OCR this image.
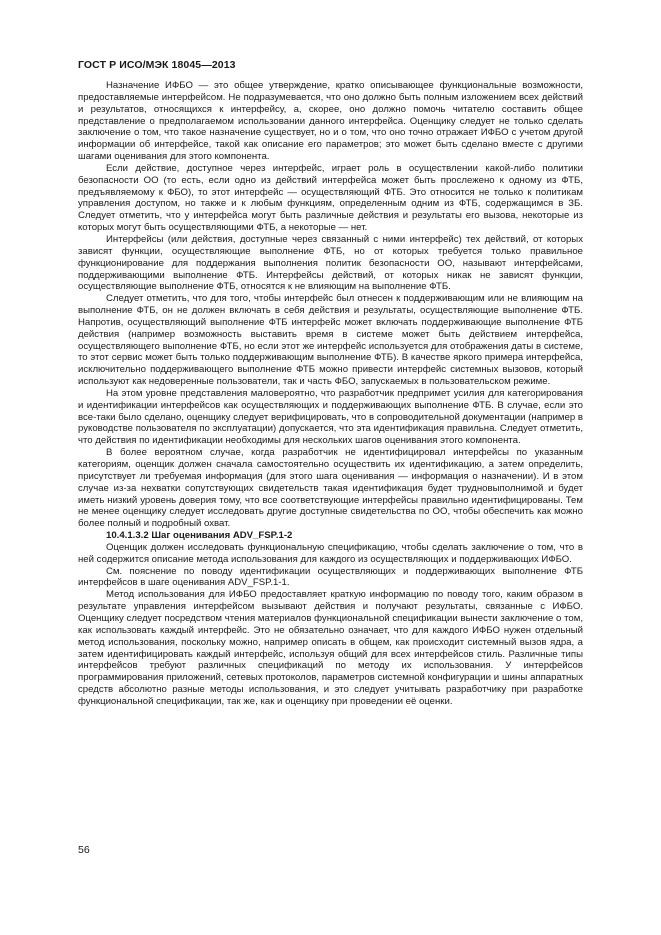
ГОСТ Р ИСО/МЭК 18045—2013

Назначение ИФБО — это общее утверждение, кратко описывающее функциональные возможности, предоставляемые интерфейсом. Не подразумевается, что оно должно быть полным изложением всех действий и результатов, относящихся к интерфейсу, а, скорее, оно должно помочь читателю составить общее представление о предполагаемом использовании данного интерфейса. Оценщику следует не только сделать заключение о том, что такое назначение существует, но и о том, что оно точно отражает ИФБО с учетом другой информации об интерфейсе, такой как описание его параметров; это может быть сделано вместе с другими шагами оценивания для этого компонента.

Если действие, доступное через интерфейс, играет роль в осуществлении какой-либо политики безопасности ОО (то есть, если одно из действий интерфейса может быть прослежено к одному из ФТБ, предъявляемому к ФБО), то этот интерфейс — осуществляющий ФТБ. Это относится не только к политикам управления доступом, но также и к любым функциям, определенным одним из ФТБ, содержащимся в ЗБ. Следует отметить, что у интерфейса могут быть различные действия и результаты его вызова, некоторые из которых могут быть осуществляющими ФТБ, а некоторые — нет.

Интерфейсы (или действия, доступные через связанный с ними интерфейс) тех действий, от которых зависят функции, осуществляющие выполнение ФТБ, но от которых требуется только правильное функционирование для поддержания выполнения политик безопасности ОО, называют интерфейсами, поддерживающими выполнение ФТБ. Интерфейсы действий, от которых никак не зависят функции, осуществляющие выполнение ФТБ, относятся к не влияющим на выполнение ФТБ.

Следует отметить, что для того, чтобы интерфейс был отнесен к поддерживающим или не влияющим на выполнение ФТБ, он не должен включать в себя действия и результаты, осуществляющие выполнение ФТБ. Напротив, осуществляющий выполнение ФТБ интерфейс может включать поддерживающие выполнение ФТБ действия (например возможность выставить время в системе может быть действием интерфейса, осуществляющего выполнение ФТБ, но если этот же интерфейс используется для отображения даты в системе, то этот сервис может быть только поддерживающим выполнение ФТБ). В качестве яркого примера интерфейса, исключительно поддерживающего выполнение ФТБ можно привести интерфейс системных вызовов, который используют как недоверенные пользователи, так и часть ФБО, запускаемых в пользовательском режиме.

На этом уровне представления маловероятно, что разработчик предпримет усилия для категорирования и идентификации интерфейсов как осуществляющих и поддерживающих выполнение ФТБ. В случае, если это все-таки было сделано, оценщику следует верифицировать, что в сопроводительной документации (например в руководстве пользователя по эксплуатации) допускается, что эта идентификация правильна. Следует отметить, что действия по идентификации необходимы для нескольких шагов оценивания этого компонента.

В более вероятном случае, когда разработчик не идентифицировал интерфейсы по указанным категориям, оценщик должен сначала самостоятельно осуществить их идентификацию, а затем определить, присутствует ли требуемая информация (для этого шага оценивания — информация о назначении). И в этом случае из-за нехватки сопутствующих свидетельств такая идентификация будет трудновыполнимой и будет иметь низкий уровень доверия тому, что все соответствующие интерфейсы правильно идентифицированы. Тем не менее оценщику следует исследовать другие доступные свидетельства по ОО, чтобы обеспечить как можно более полный и подробный охват.

10.4.1.3.2 Шаг оценивания ADV_FSP.1-2

Оценщик должен исследовать функциональную спецификацию, чтобы сделать заключение о том, что в ней содержится описание метода использования для каждого из осуществляющих и поддерживающих ИФБО.

См. пояснение по поводу идентификации осуществляющих и поддерживающих выполнение ФТБ интерфейсов в шаге оценивания ADV_FSP.1-1.

Метод использования для ИФБО предоставляет краткую информацию по поводу того, каким образом в результате управления интерфейсом вызывают действия и получают результаты, связанные с ИФБО. Оценщику следует посредством чтения материалов функциональной спецификации вынести заключение о том, как использовать каждый интерфейс. Это не обязательно означает, что для каждого ИФБО нужен отдельный метод использования, поскольку можно, например описать в общем, как происходит системный вызов ядра, а затем идентифицировать каждый интерфейс, используя общий для всех интерфейсов стиль. Различные типы интерфейсов требуют различных спецификаций по методу их использования. У интерфейсов программирования приложений, сетевых протоколов, параметров системной конфигурации и шины аппаратных средств абсолютно разные методы использования, и это следует учитывать разработчику при разработке функциональной спецификации, так же, как и оценщику при проведении её оценки.

56
